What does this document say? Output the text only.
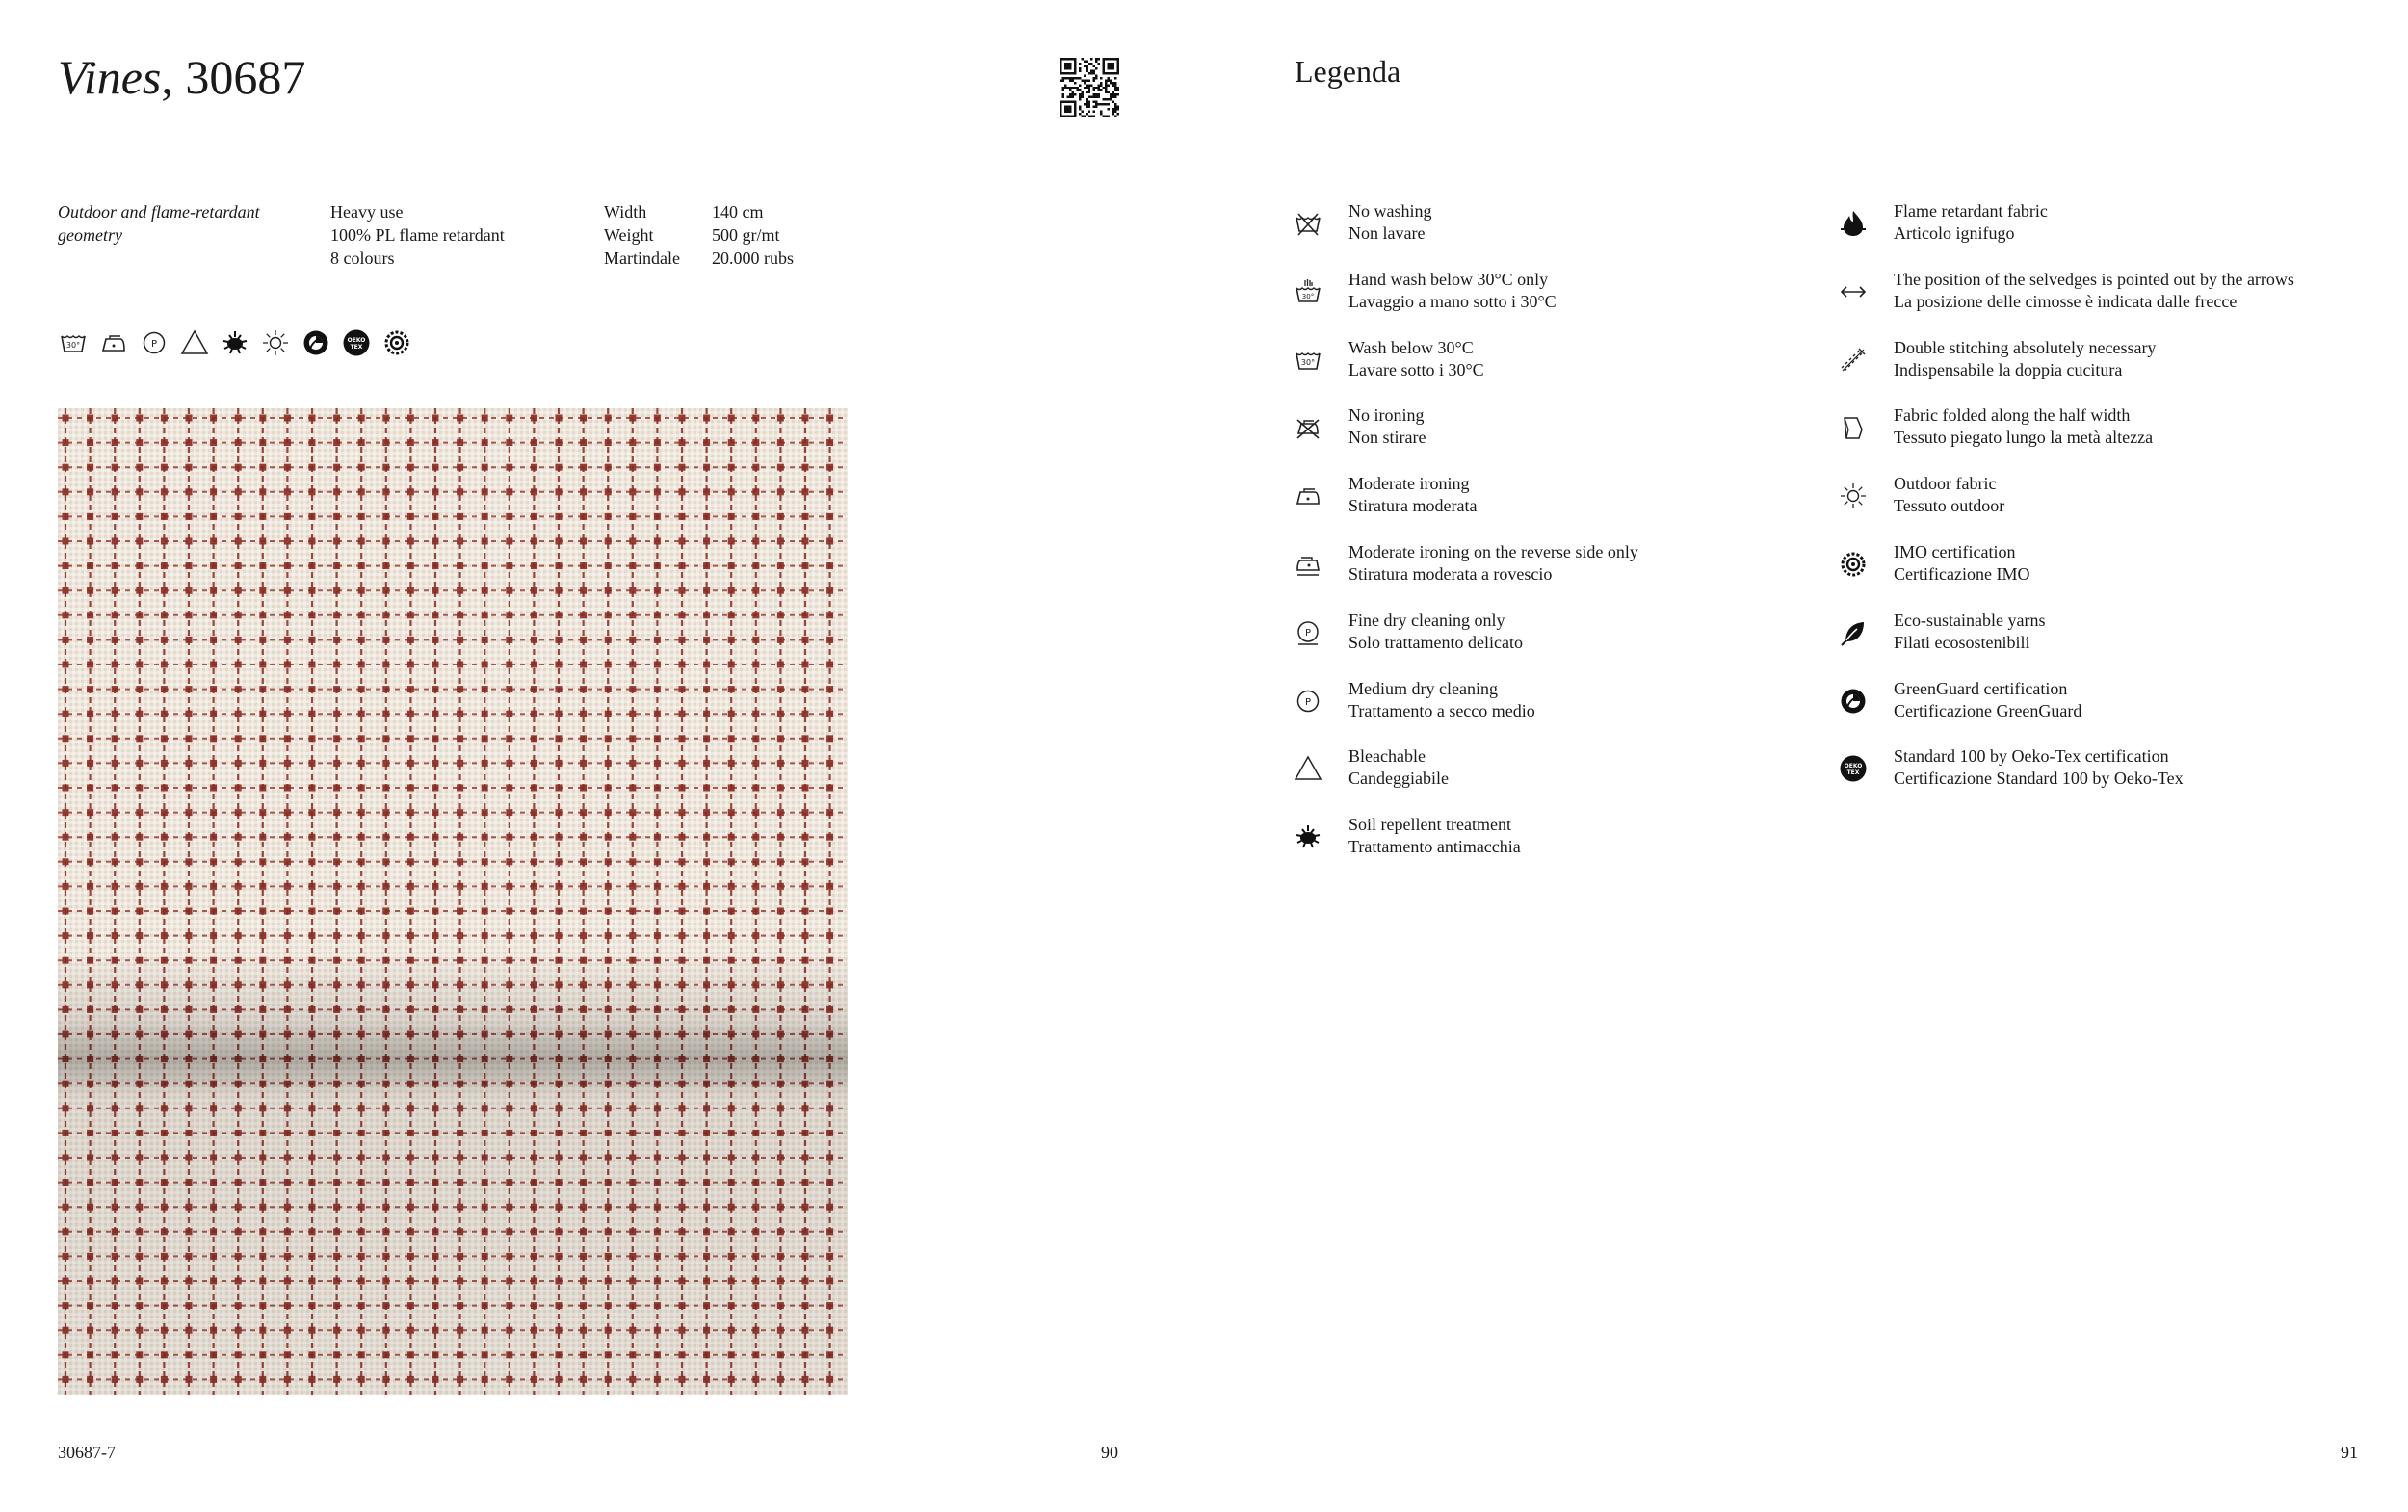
Vines, 30687	Legenda
Outdoor and flame-retardant geometry
Heavy use
100% PL flame retardant
8 colours
Width	140 cm
Weight	500 gr/mt
Martindale	20.000 rubs
30°	P	OEKO
TEX
No washing
Non lavare
30°
Hand wash below 30°C only
Lavaggio a mano sotto i 30°C
30°
Wash below 30°C
Lavare sotto i 30°C
No ironing
Non stirare
Moderate ironing
Stiratura moderata
Moderate ironing on the reverse side only
Stiratura moderata a rovescio
P
Fine dry cleaning only
Solo trattamento delicato
P
Medium dry cleaning
Trattamento a secco medio
Bleachable
Candeggiabile
Soil repellent treatment
Trattamento antimacchia
Flame retardant fabric
Articolo ignifugo
The position of the selvedges is pointed out by the arrows
La posizione delle cimosse è indicata dalle frecce
Double stitching absolutely necessary
Indispensabile la doppia cucitura
Fabric folded along the half width
Tessuto piegato lungo la metà altezza
Outdoor fabric
Tessuto outdoor
IMO certification
Certificazione IMO
Eco-sustainable yarns
Filati ecosostenibili
GreenGuard certification
Certificazione GreenGuard
OEKO
TEX
Standard 100 by Oeko-Tex certification
Certificazione Standard 100 by Oeko-Tex
30687-7	90	91
